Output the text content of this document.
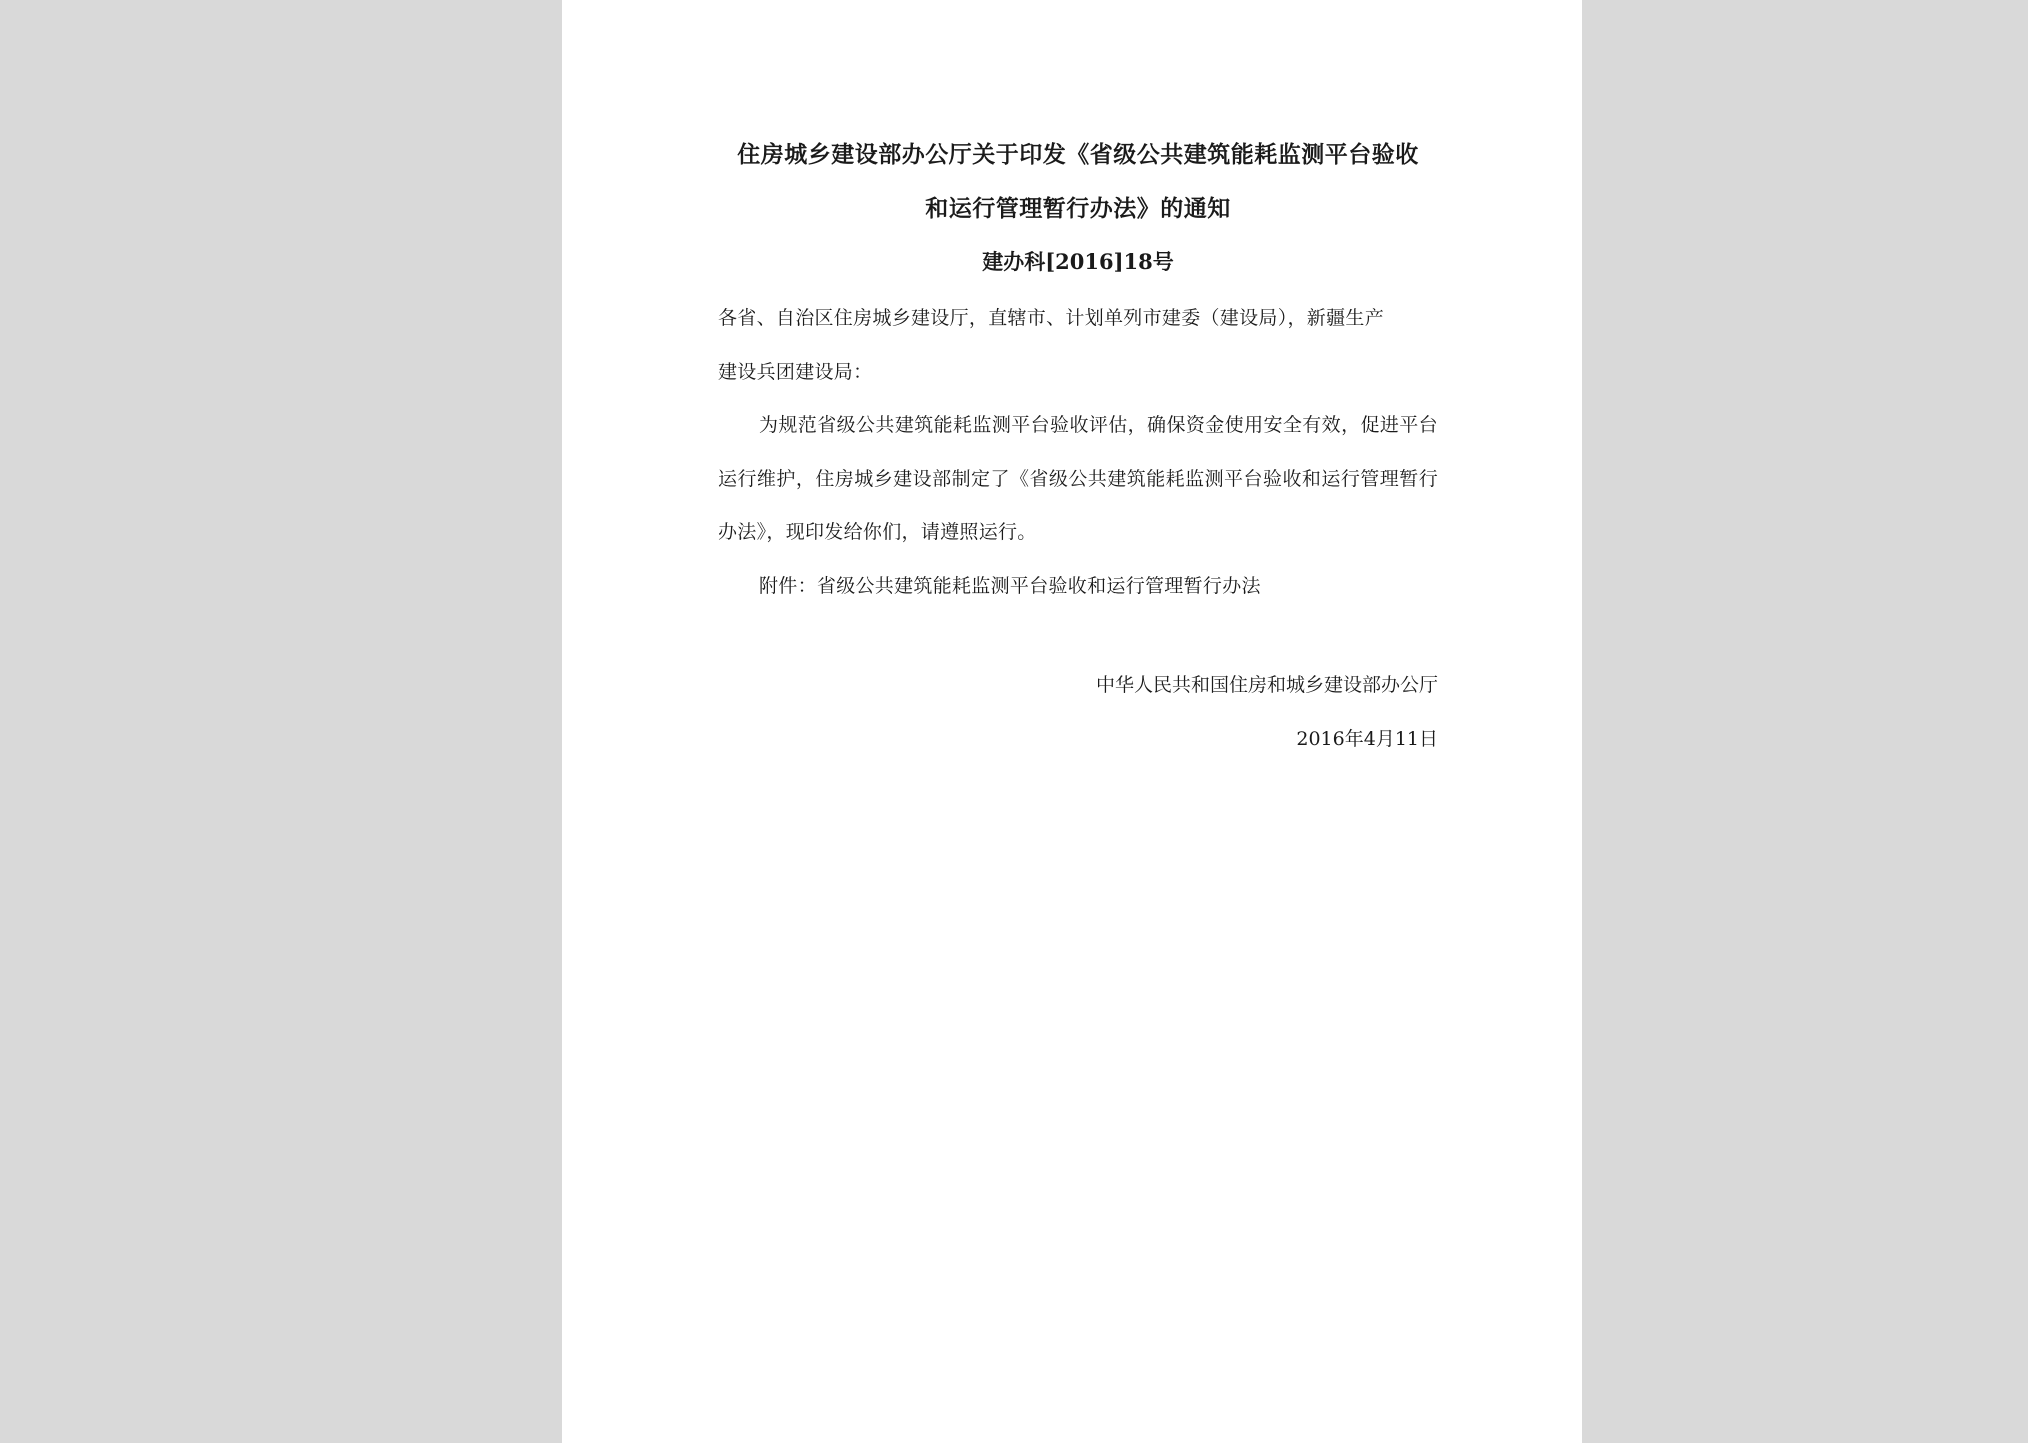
住房城乡建设部办公厅关于印发《省级公共建筑能耗监测平台验收

和运行管理暂行办法》的通知

建办科[2016]18号

各省、自治区住房城乡建设厅，直辖市、计划单列市建委（建设局），新疆生产

建设兵团建设局：

为规范省级公共建筑能耗监测平台验收评估，确保资金使用安全有效，促进平台运行维护，住房城乡建设部制定了《省级公共建筑能耗监测平台验收和运行管理暂行办法》，现印发给你们，请遵照运行。

附件：省级公共建筑能耗监测平台验收和运行管理暂行办法

中华人民共和国住房和城乡建设部办公厅

2016年4月11日
